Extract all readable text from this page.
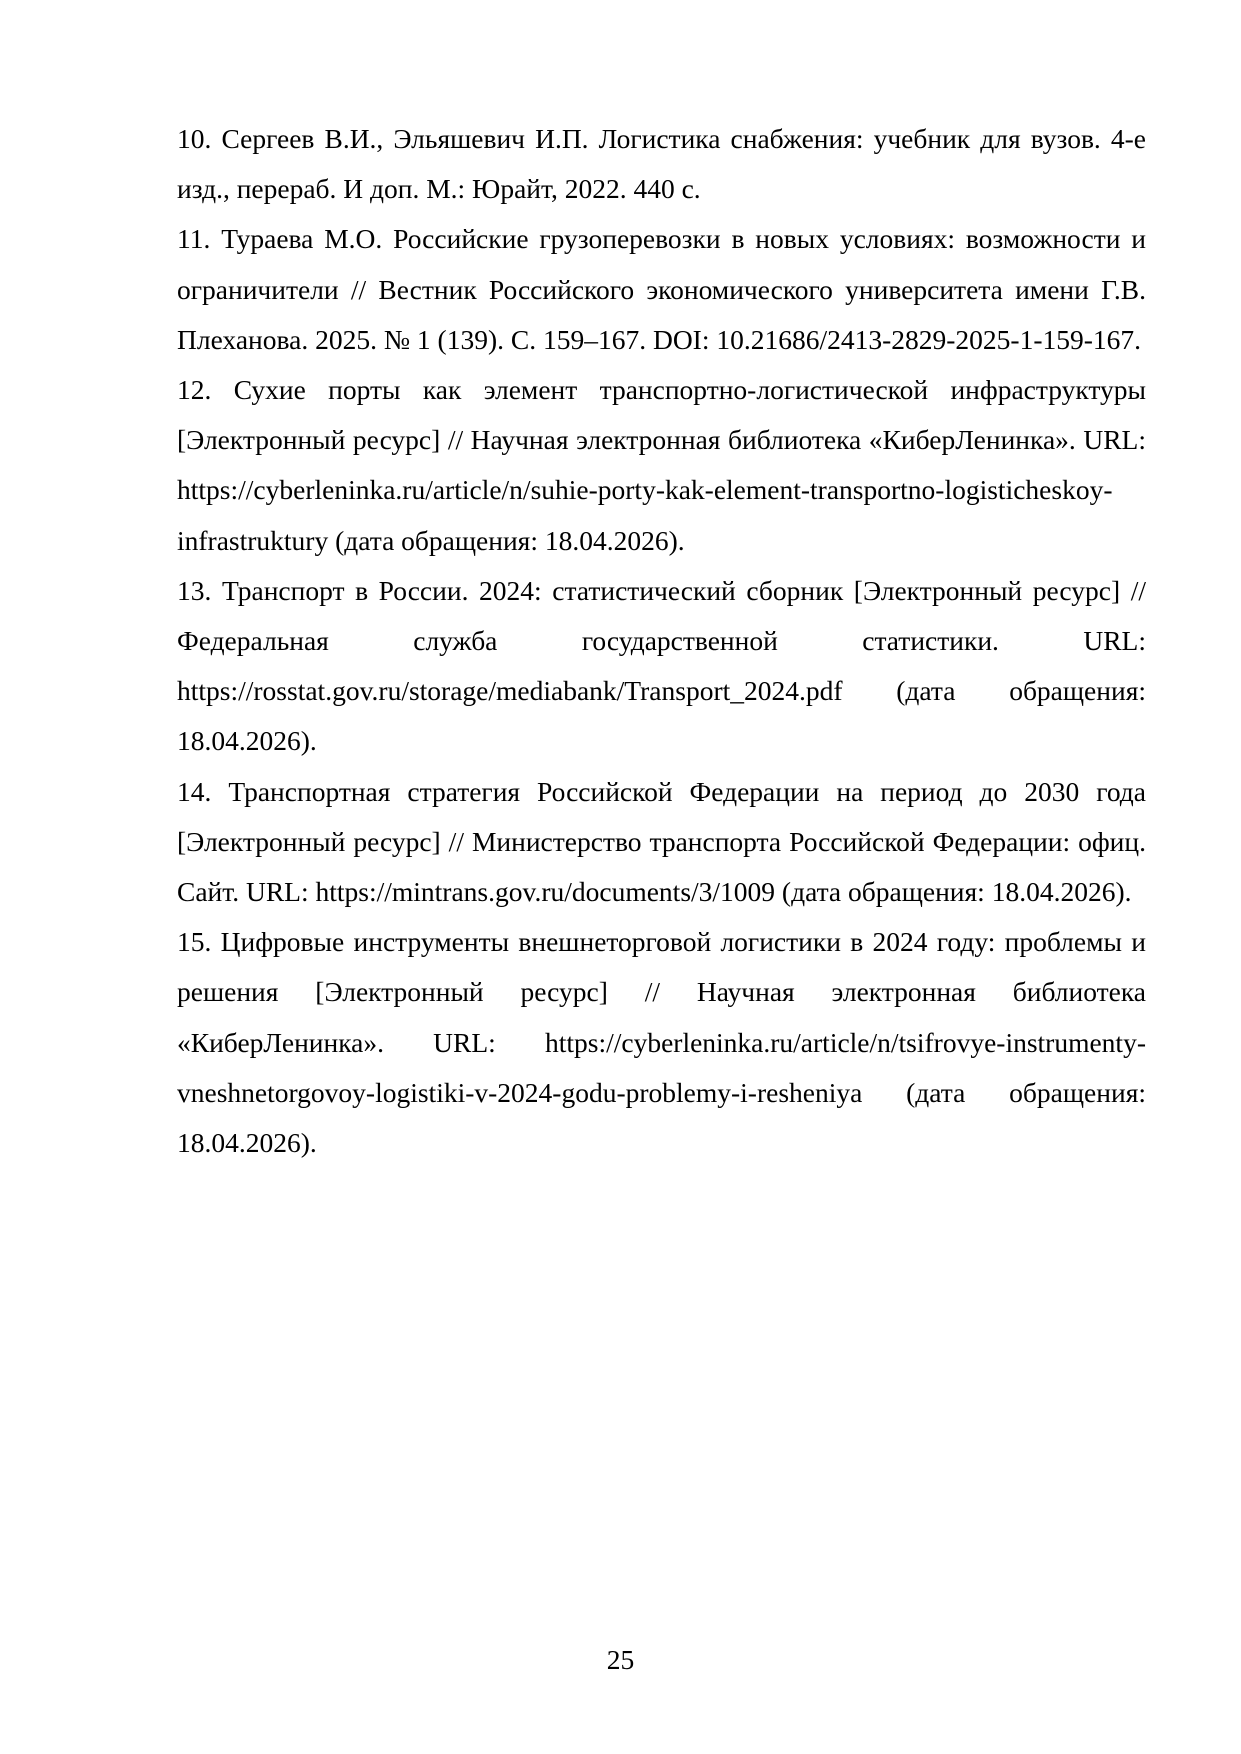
10. Сергеев В.И., Эльяшевич И.П. Логистика снабжения: учебник для вузов. 4-е изд., перераб. И доп. М.: Юрайт, 2022. 440 с.
11. Тураева М.О. Российские грузоперевозки в новых условиях: возможности и ограничители // Вестник Российского экономического университета имени Г.В. Плеханова. 2025. № 1 (139). С. 159–167. DOI: 10.21686/2413-2829-2025-1-159-167.
12. Сухие порты как элемент транспортно-логистической инфраструктуры [Электронный ресурс] // Научная электронная библиотека «КиберЛенинка». URL: https://cyberleninka.ru/article/n/suhie-porty-kak-element-transportno-logisticheskoy-infrastruktury (дата обращения: 18.04.2026).
13. Транспорт в России. 2024: статистический сборник [Электронный ресурс] // Федеральная служба государственной статистики. URL: https://rosstat.gov.ru/storage/mediabank/Transport_2024.pdf (дата обращения: 18.04.2026).
14. Транспортная стратегия Российской Федерации на период до 2030 года [Электронный ресурс] // Министерство транспорта Российской Федерации: офиц. Сайт. URL: https://mintrans.gov.ru/documents/3/1009 (дата обращения: 18.04.2026).
15. Цифровые инструменты внешнеторговой логистики в 2024 году: проблемы и решения [Электронный ресурс] // Научная электронная библиотека «КиберЛенинка». URL: https://cyberleninka.ru/article/n/tsifrovye-instrumenty-vneshnetorgovoy-logistiki-v-2024-godu-problemy-i-resheniya (дата обращения: 18.04.2026).
25
